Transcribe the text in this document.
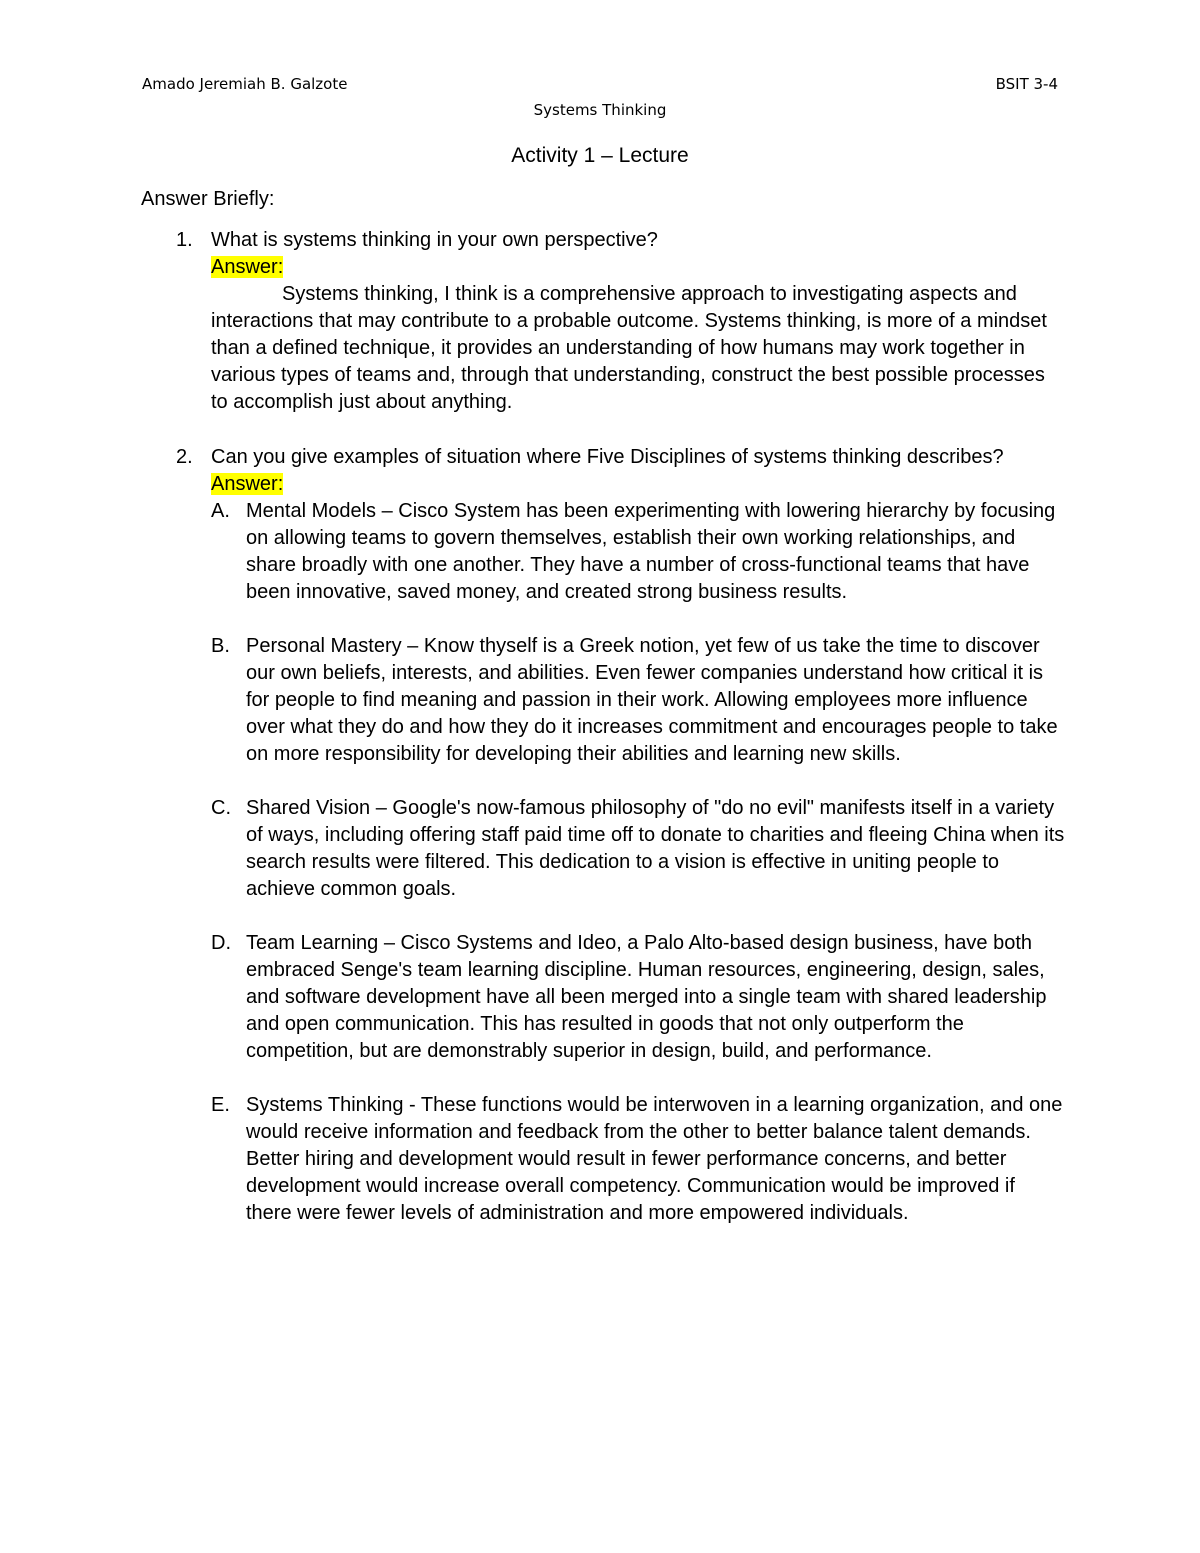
Amado Jeremiah B. Galzote	BSIT 3-4
Systems Thinking
Activity 1 – Lecture
Answer Briefly:
1. What is systems thinking in your own perspective?
Answer:
Systems thinking, I think is a comprehensive approach to investigating aspects and interactions that may contribute to a probable outcome. Systems thinking, is more of a mindset than a defined technique, it provides an understanding of how humans may work together in various types of teams and, through that understanding, construct the best possible processes to accomplish just about anything.
2. Can you give examples of situation where Five Disciplines of systems thinking describes?
Answer:
A. Mental Models – Cisco System has been experimenting with lowering hierarchy by focusing on allowing teams to govern themselves, establish their own working relationships, and share broadly with one another. They have a number of cross-functional teams that have been innovative, saved money, and created strong business results.
B. Personal Mastery – Know thyself is a Greek notion, yet few of us take the time to discover our own beliefs, interests, and abilities. Even fewer companies understand how critical it is for people to find meaning and passion in their work. Allowing employees more influence over what they do and how they do it increases commitment and encourages people to take on more responsibility for developing their abilities and learning new skills.
C. Shared Vision – Google's now-famous philosophy of "do no evil" manifests itself in a variety of ways, including offering staff paid time off to donate to charities and fleeing China when its search results were filtered. This dedication to a vision is effective in uniting people to achieve common goals.
D. Team Learning – Cisco Systems and Ideo, a Palo Alto-based design business, have both embraced Senge's team learning discipline. Human resources, engineering, design, sales, and software development have all been merged into a single team with shared leadership and open communication. This has resulted in goods that not only outperform the competition, but are demonstrably superior in design, build, and performance.
E. Systems Thinking - These functions would be interwoven in a learning organization, and one would receive information and feedback from the other to better balance talent demands. Better hiring and development would result in fewer performance concerns, and better development would increase overall competency. Communication would be improved if there were fewer levels of administration and more empowered individuals.
